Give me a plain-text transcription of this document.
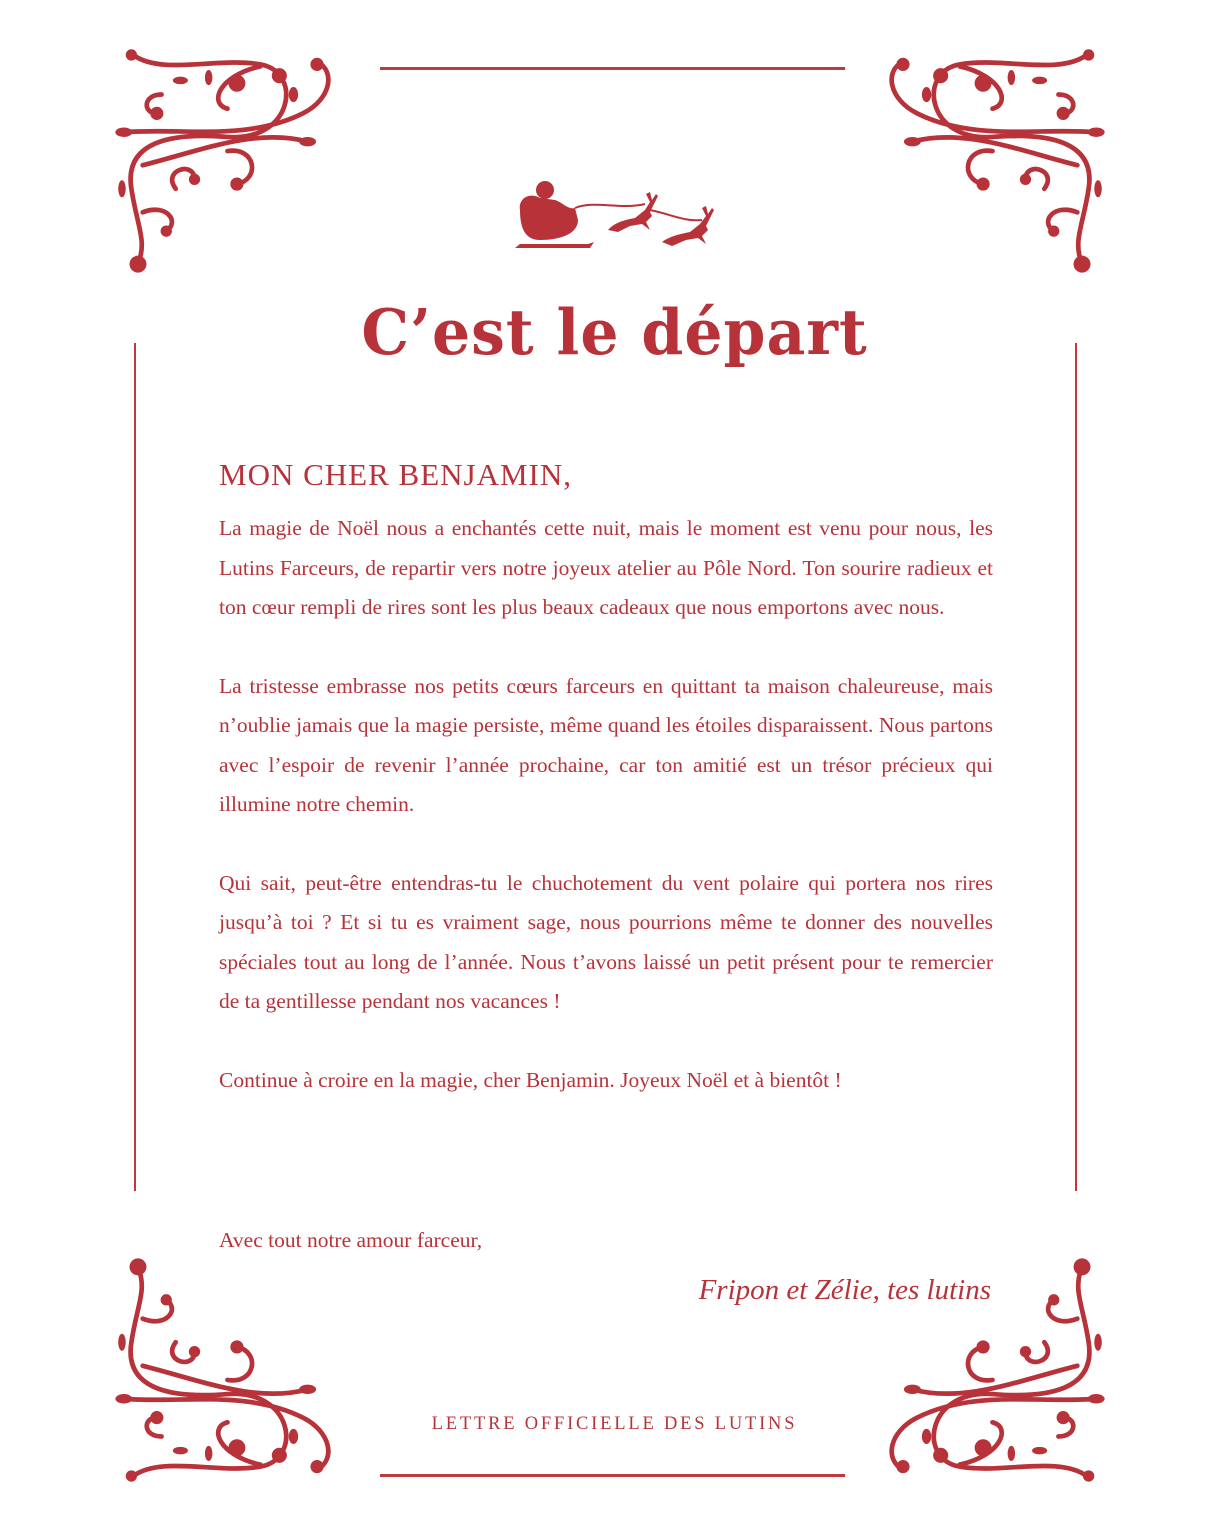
C’est le départ
MON CHER BENJAMIN,

La magie de Noël nous a enchantés cette nuit, mais le moment est venu pour nous, les Lutins Farceurs, de repartir vers notre joyeux atelier au Pôle Nord. Ton sourire radieux et ton cœur rempli de rires sont les plus beaux cadeaux que nous emportons avec nous.

La tristesse embrasse nos petits cœurs farceurs en quittant ta maison chaleureuse, mais n’oublie jamais que la magie persiste, même quand les étoiles disparaissent. Nous partons avec l’espoir de revenir l’année prochaine, car ton amitié est un trésor précieux qui illumine notre chemin.

Qui sait, peut-être entendras-tu le chuchotement du vent polaire qui portera nos rires jusqu’à toi ? Et si tu es vraiment sage, nous pourrions même te donner des nouvelles spéciales tout au long de l’année. Nous t’avons laissé un petit présent pour te remercier de ta gentillesse pendant nos vacances !

Continue à croire en la magie, cher Benjamin. Joyeux Noël et à bientôt !

Avec tout notre amour farceur,
Fripon et Zélie, tes lutins
LETTRE OFFICIELLE DES LUTINS
